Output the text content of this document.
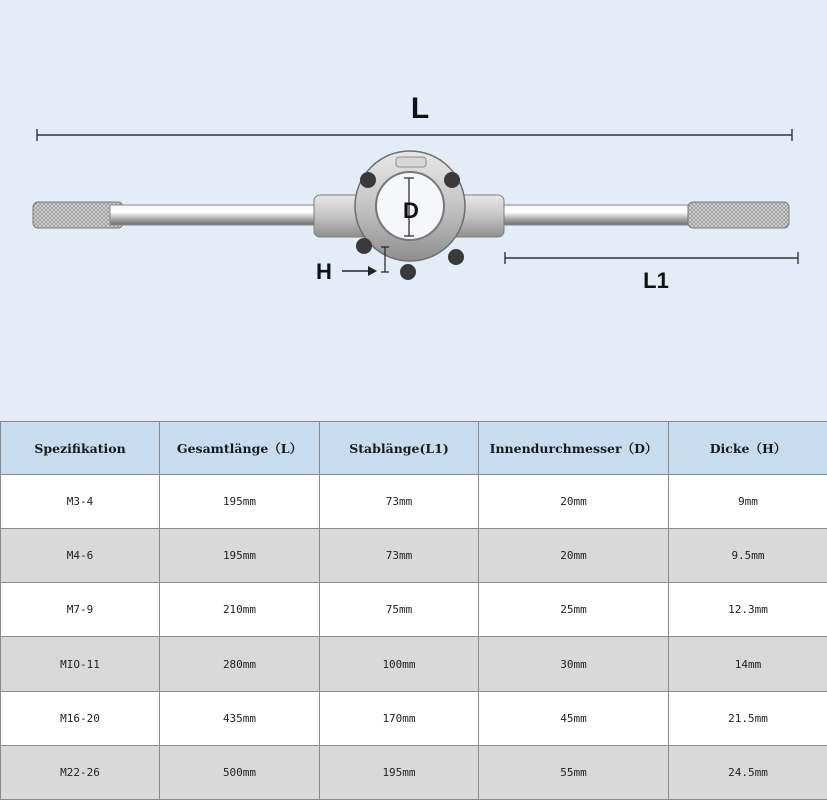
L
D
H	L1
Spezifikation	Gesamtlänge（L）	Stablänge(L1)	Innendurchmesser（D）	Dicke（H）
M3-4	195mm	73mm	20mm	9mm
M4-6	195mm	73mm	20mm	9.5mm
M7-9	210mm	75mm	25mm	12.3mm
MIO-11	280mm	100mm	30mm	14mm
M16-20	435mm	170mm	45mm	21.5mm
M22-26	500mm	195mm	55mm	24.5mm
